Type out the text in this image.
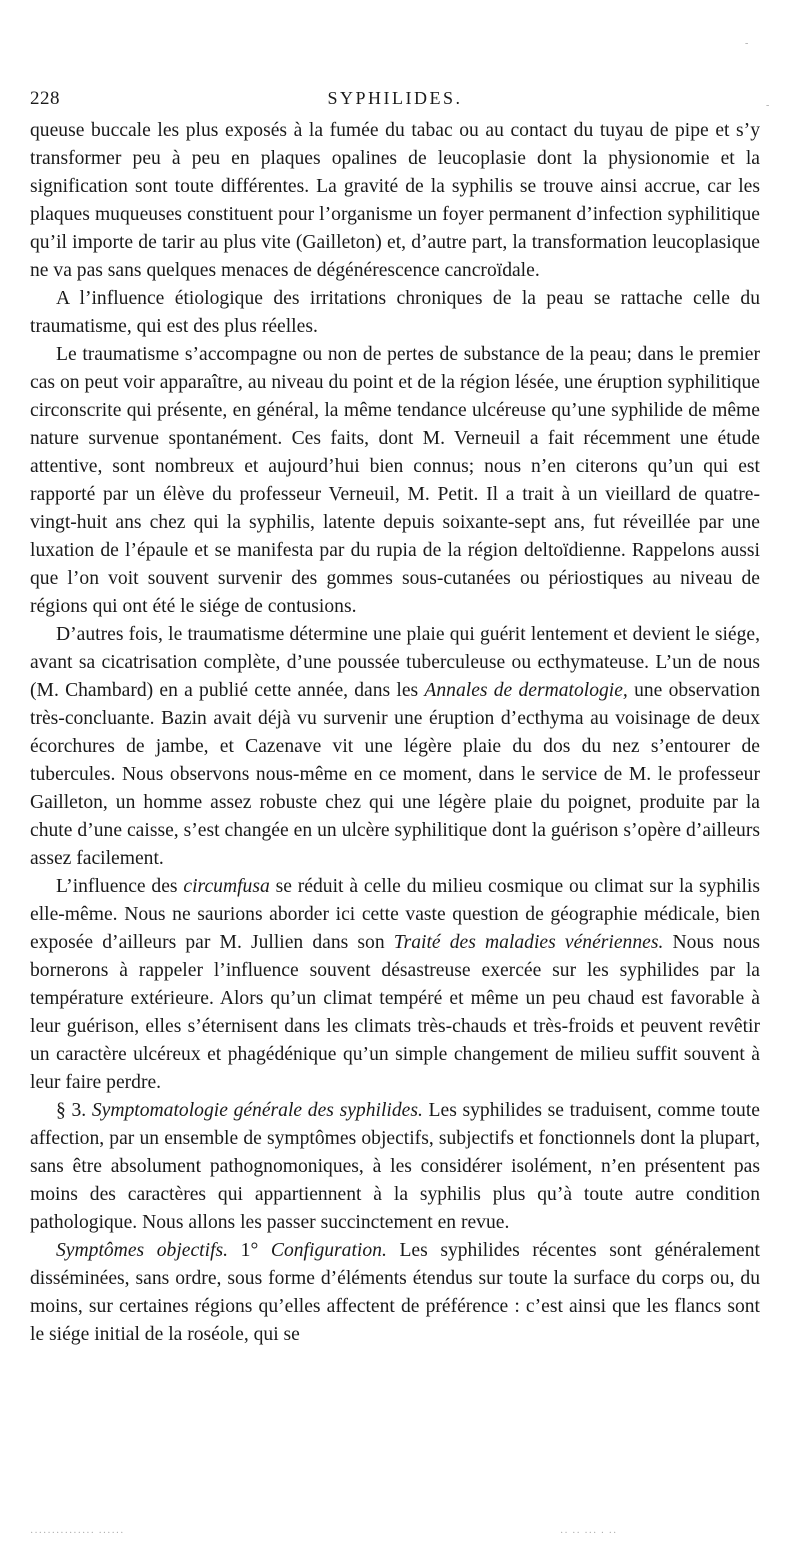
-
-
228	SYPHILIDES.

queuse buccale les plus exposés à la fumée du tabac ou au contact du tuyau de pipe et s’y transformer peu à peu en plaques opalines de leucoplasie dont la physionomie et la signification sont toute différentes. La gravité de la syphilis se trouve ainsi accrue, car les plaques muqueuses constituent pour l’organisme un foyer permanent d’infection syphilitique qu’il importe de tarir au plus vite (Gailleton) et, d’autre part, la transformation leucoplasique ne va pas sans quelques menaces de dégénérescence cancroïdale.

A l’influence étiologique des irritations chroniques de la peau se rattache celle du traumatisme, qui est des plus réelles.

Le traumatisme s’accompagne ou non de pertes de substance de la peau; dans le premier cas on peut voir apparaître, au niveau du point et de la région lésée, une éruption syphilitique circonscrite qui présente, en général, la même tendance ulcéreuse qu’une syphilide de même nature survenue spontanément. Ces faits, dont M. Verneuil a fait récemment une étude attentive, sont nombreux et aujourd’hui bien connus; nous n’en citerons qu’un qui est rapporté par un élève du professeur Verneuil, M. Petit. Il a trait à un vieillard de quatre-vingt-huit ans chez qui la syphilis, latente depuis soixante-sept ans, fut réveillée par une luxation de l’épaule et se manifesta par du rupia de la région deltoïdienne. Rappelons aussi que l’on voit souvent survenir des gommes sous-cutanées ou périostiques au niveau de régions qui ont été le siége de contusions.

D’autres fois, le traumatisme détermine une plaie qui guérit lentement et devient le siége, avant sa cicatrisation complète, d’une poussée tuberculeuse ou ecthymateuse. L’un de nous (M. Chambard) en a publié cette année, dans les Annales de dermatologie, une observation très-concluante. Bazin avait déjà vu survenir une éruption d’ecthyma au voisinage de deux écorchures de jambe, et Cazenave vit une légère plaie du dos du nez s’entourer de tubercules. Nous observons nous-même en ce moment, dans le service de M. le professeur Gailleton, un homme assez robuste chez qui une légère plaie du poignet, produite par la chute d’une caisse, s’est changée en un ulcère syphilitique dont la guérison s’opère d’ailleurs assez facilement.

L’influence des circumfusa se réduit à celle du milieu cosmique ou climat sur la syphilis elle-même. Nous ne saurions aborder ici cette vaste question de géographie médicale, bien exposée d’ailleurs par M. Jullien dans son Traité des maladies vénériennes. Nous nous bornerons à rappeler l’influence souvent désastreuse exercée sur les syphilides par la température extérieure. Alors qu’un climat tempéré et même un peu chaud est favorable à leur guérison, elles s’éternisent dans les climats très-chauds et très-froids et peuvent revêtir un caractère ulcéreux et phagédénique qu’un simple changement de milieu suffit souvent à leur faire perdre.

§ 3. Symptomatologie générale des syphilides. Les syphilides se traduisent, comme toute affection, par un ensemble de symptômes objectifs, subjectifs et fonctionnels dont la plupart, sans être absolument pathognomoniques, à les considérer isolément, n’en présentent pas moins des caractères qui appartiennent à la syphilis plus qu’à toute autre condition pathologique. Nous allons les passer succinctement en revue.

Symptômes objectifs. 1° Configuration. Les syphilides récentes sont généralement disséminées, sans ordre, sous forme d’éléments étendus sur toute la surface du corps ou, du moins, sur certaines régions qu’elles affectent de préférence : c’est ainsi que les flancs sont le siége initial de la roséole, qui se

··············· ······	·· ·· ··· · ··
